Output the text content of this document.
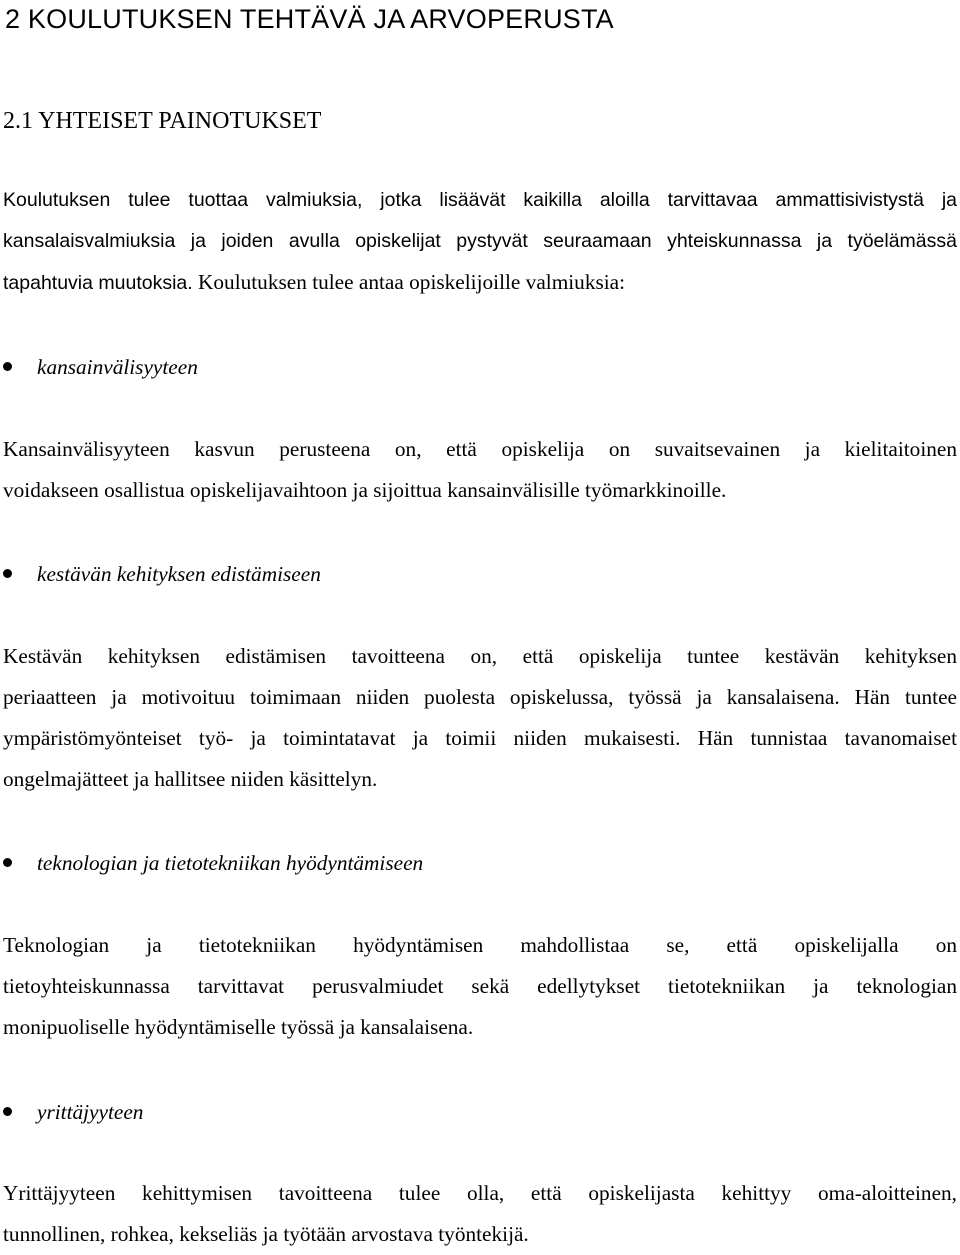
2 KOULUTUKSEN TEHTÄVÄ JA ARVOPERUSTA
2.1 YHTEISET PAINOTUKSET
Koulutuksen tulee tuottaa valmiuksia, jotka lisäävät kaikilla aloilla tarvittavaa ammattisivistystä ja
kansalaisvalmiuksia ja joiden avulla opiskelijat pystyvät seuraamaan yhteiskunnassa ja työelämässä
tapahtuvia muutoksia. Koulutuksen tulee antaa opiskelijoille valmiuksia:
kansainvälisyyteen
Kansainvälisyyteen kasvun perusteena on, että opiskelija on suvaitsevainen ja kielitaitoinen
voidakseen osallistua opiskelijavaihtoon ja sijoittua kansainvälisille työmarkkinoille.
kestävän kehityksen edistämiseen
Kestävän kehityksen edistämisen tavoitteena on, että opiskelija tuntee kestävän kehityksen
periaatteen ja motivoituu toimimaan niiden puolesta opiskelussa, työssä ja kansalaisena. Hän tuntee
ympäristömyönteiset työ- ja toimintatavat ja toimii niiden mukaisesti. Hän tunnistaa tavanomaiset
ongelmajätteet ja hallitsee niiden käsittelyn.
teknologian ja tietotekniikan hyödyntämiseen
Teknologian ja tietotekniikan hyödyntämisen mahdollistaa se, että opiskelijalla on
tietoyhteiskunnassa tarvittavat perusvalmiudet sekä edellytykset tietotekniikan ja teknologian
monipuoliselle hyödyntämiselle työssä ja kansalaisena.
yrittäjyyteen
Yrittäjyyteen kehittymisen tavoitteena tulee olla, että opiskelijasta kehittyy oma-aloitteinen,
tunnollinen, rohkea, kekseliäs ja työtään arvostava työntekijä.
